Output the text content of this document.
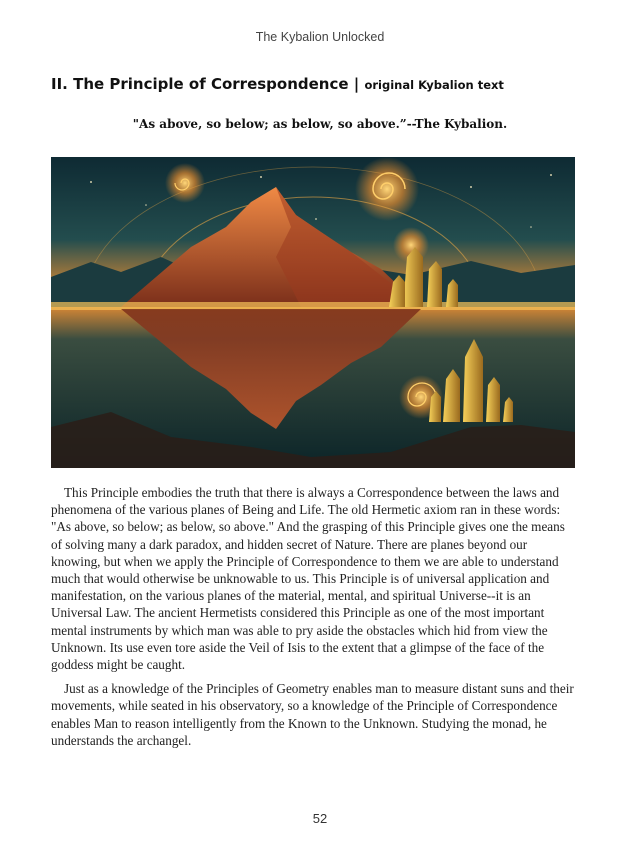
The Kybalion Unlocked
II. The Principle of Correspondence | original Kybalion text
"As above, so below; as below, so above.”--The Kybalion.

This Principle embodies the truth that there is always a Correspondence between the laws and phenomena of the various planes of Being and Life. The old Hermetic axiom ran in these words: "As above, so below; as below, so above." And the grasping of this Principle gives one the means of solving many a dark paradox, and hidden secret of Nature. There are planes beyond our knowing, but when we apply the Principle of Correspondence to them we are able to understand much that would otherwise be unknowable to us. This Principle is of universal application and manifestation, on the various planes of the material, mental, and spiritual Universe--it is an Universal Law. The ancient Hermetists considered this Principle as one of the most important mental instruments by which man was able to pry aside the obstacles which hid from view the Unknown. Its use even tore aside the Veil of Isis to the extent that a glimpse of the face of the goddess might be caught.

Just as a knowledge of the Principles of Geometry enables man to measure distant suns and their movements, while seated in his observatory, so a knowledge of the Principle of Correspondence enables Man to reason intelligently from the Known to the Unknown. Studying the monad, he understands the archangel.

52
